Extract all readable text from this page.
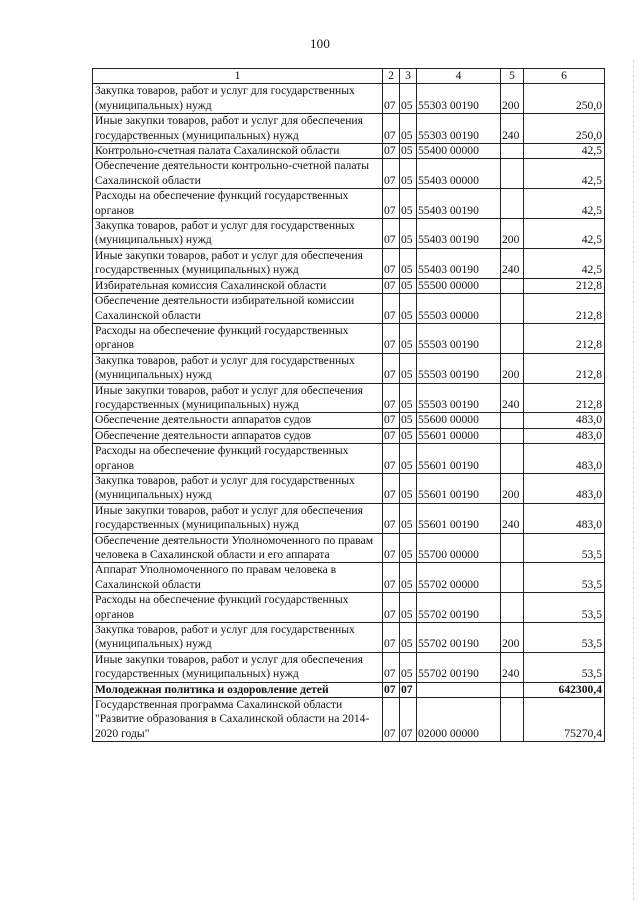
100
1	2	3	4	5	6
Закупка товаров, работ и услуг для государственных (муниципальных) нужд	07	05	55303 00190	200	250,0
Иные закупки товаров, работ и услуг для обеспечения государственных (муниципальных) нужд	07	05	55303 00190	240	250,0
Контрольно-счетная палата Сахалинской области	07	05	55400 00000		42,5
Обеспечение деятельности контрольно-счетной палаты Сахалинской области	07	05	55403 00000		42,5
Расходы на обеспечение функций государственных органов	07	05	55403 00190		42,5
Закупка товаров, работ и услуг для государственных (муниципальных) нужд	07	05	55403 00190	200	42,5
Иные закупки товаров, работ и услуг для обеспечения государственных (муниципальных) нужд	07	05	55403 00190	240	42,5
Избирательная комиссия Сахалинской области	07	05	55500 00000		212,8
Обеспечение деятельности избирательной комиссии Сахалинской области	07	05	55503 00000		212,8
Расходы на обеспечение функций государственных органов	07	05	55503 00190		212,8
Закупка товаров, работ и услуг для государственных (муниципальных) нужд	07	05	55503 00190	200	212,8
Иные закупки товаров, работ и услуг для обеспечения государственных (муниципальных) нужд	07	05	55503 00190	240	212,8
Обеспечение деятельности аппаратов судов	07	05	55600 00000		483,0
Обеспечение деятельности аппаратов судов	07	05	55601 00000		483,0
Расходы на обеспечение функций государственных органов	07	05	55601 00190		483,0
Закупка товаров, работ и услуг для государственных (муниципальных) нужд	07	05	55601 00190	200	483,0
Иные закупки товаров, работ и услуг для обеспечения государственных (муниципальных) нужд	07	05	55601 00190	240	483,0
Обеспечение деятельности Уполномоченного по правам человека в Сахалинской области и его аппарата	07	05	55700 00000		53,5
Аппарат Уполномоченного по правам человека в Сахалинской области	07	05	55702 00000		53,5
Расходы на обеспечение функций государственных органов	07	05	55702 00190		53,5
Закупка товаров, работ и услуг для государственных (муниципальных) нужд	07	05	55702 00190	200	53,5
Иные закупки товаров, работ и услуг для обеспечения государственных (муниципальных) нужд	07	05	55702 00190	240	53,5
Молодежная политика и оздоровление детей	07	07			642300,4
Государственная программа Сахалинской области "Развитие образования в Сахалинской области на 2014-2020 годы"	07	07	02000 00000		75270,4
